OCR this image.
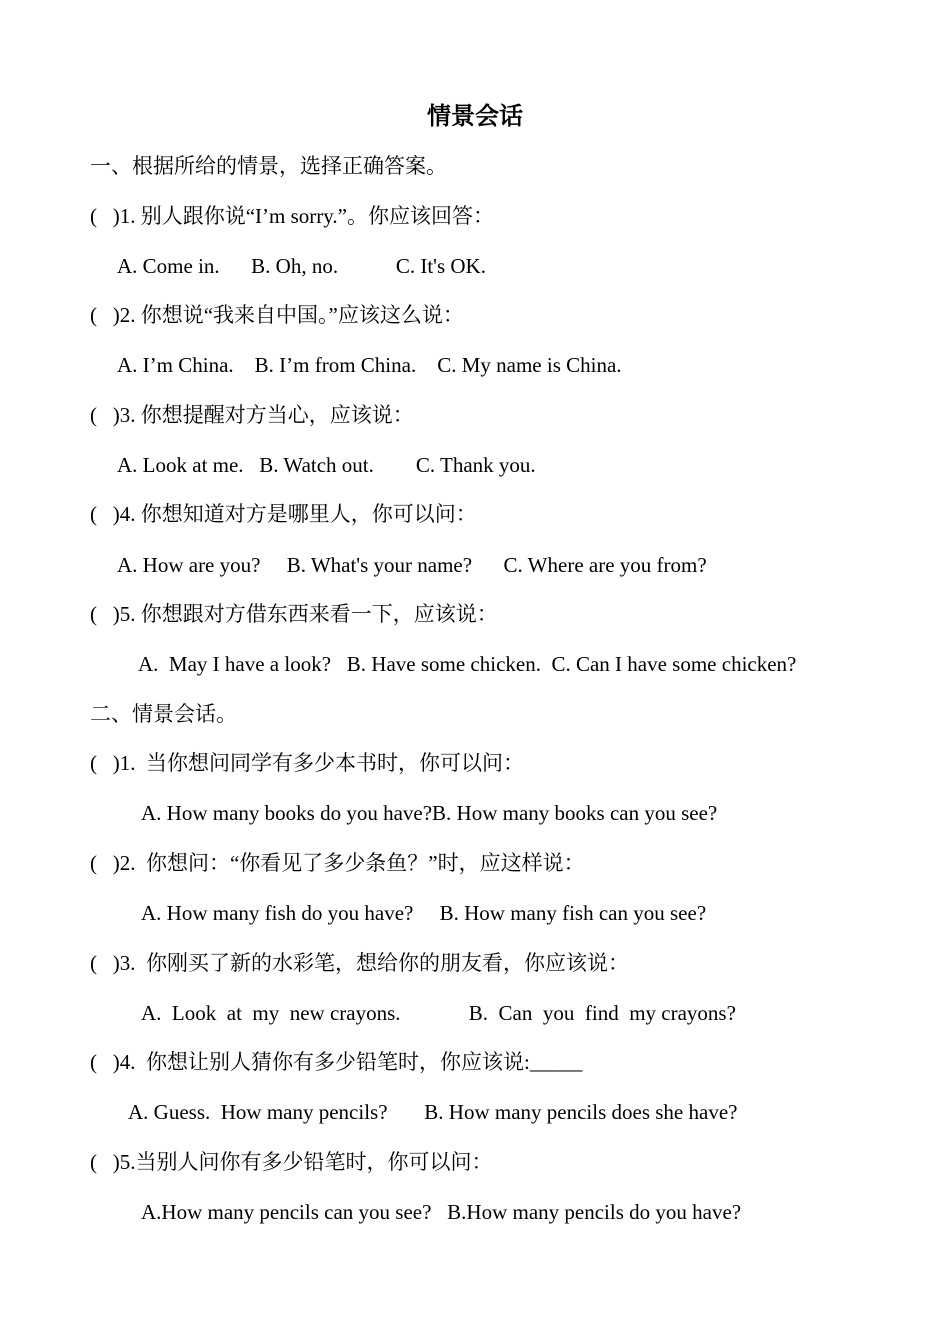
情景会话
一、根据所给的情景，选择正确答案。
(   )1. 别人跟你说“I’m sorry.”。你应该回答：
A. Come in.      B. Oh, no.           C. It's OK.
(   )2. 你想说“我来自中国。”应该这么说：
A. I’m China.    B. I’m from China.    C. My name is China.
(   )3. 你想提醒对方当心，应该说：
A. Look at me.   B. Watch out.        C. Thank you.
(   )4. 你想知道对方是哪里人，你可以问：
A. How are you?     B. What's your name?      C. Where are you from?
(   )5. 你想跟对方借东西来看一下，应该说：
A.  May I have a look?   B. Have some chicken.  C. Can I have some chicken?
二、情景会话。
(   )1.  当你想问同学有多少本书时，你可以问：
A. How many books do you have?B. How many books can you see?
(   )2.  你想问：“你看见了多少条鱼？”时，应这样说：
A. How many fish do you have?     B. How many fish can you see?
(   )3.  你刚买了新的水彩笔，想给你的朋友看，你应该说：
A.  Look  at  my  new crayons.             B.  Can  you  find  my crayons?
(   )4.  你想让别人猜你有多少铅笔时，你应该说:_____
A. Guess.  How many pencils?       B. How many pencils does she have?
(   )5.当别人问你有多少铅笔时，你可以问：
A.How many pencils can you see?   B.How many pencils do you have?
